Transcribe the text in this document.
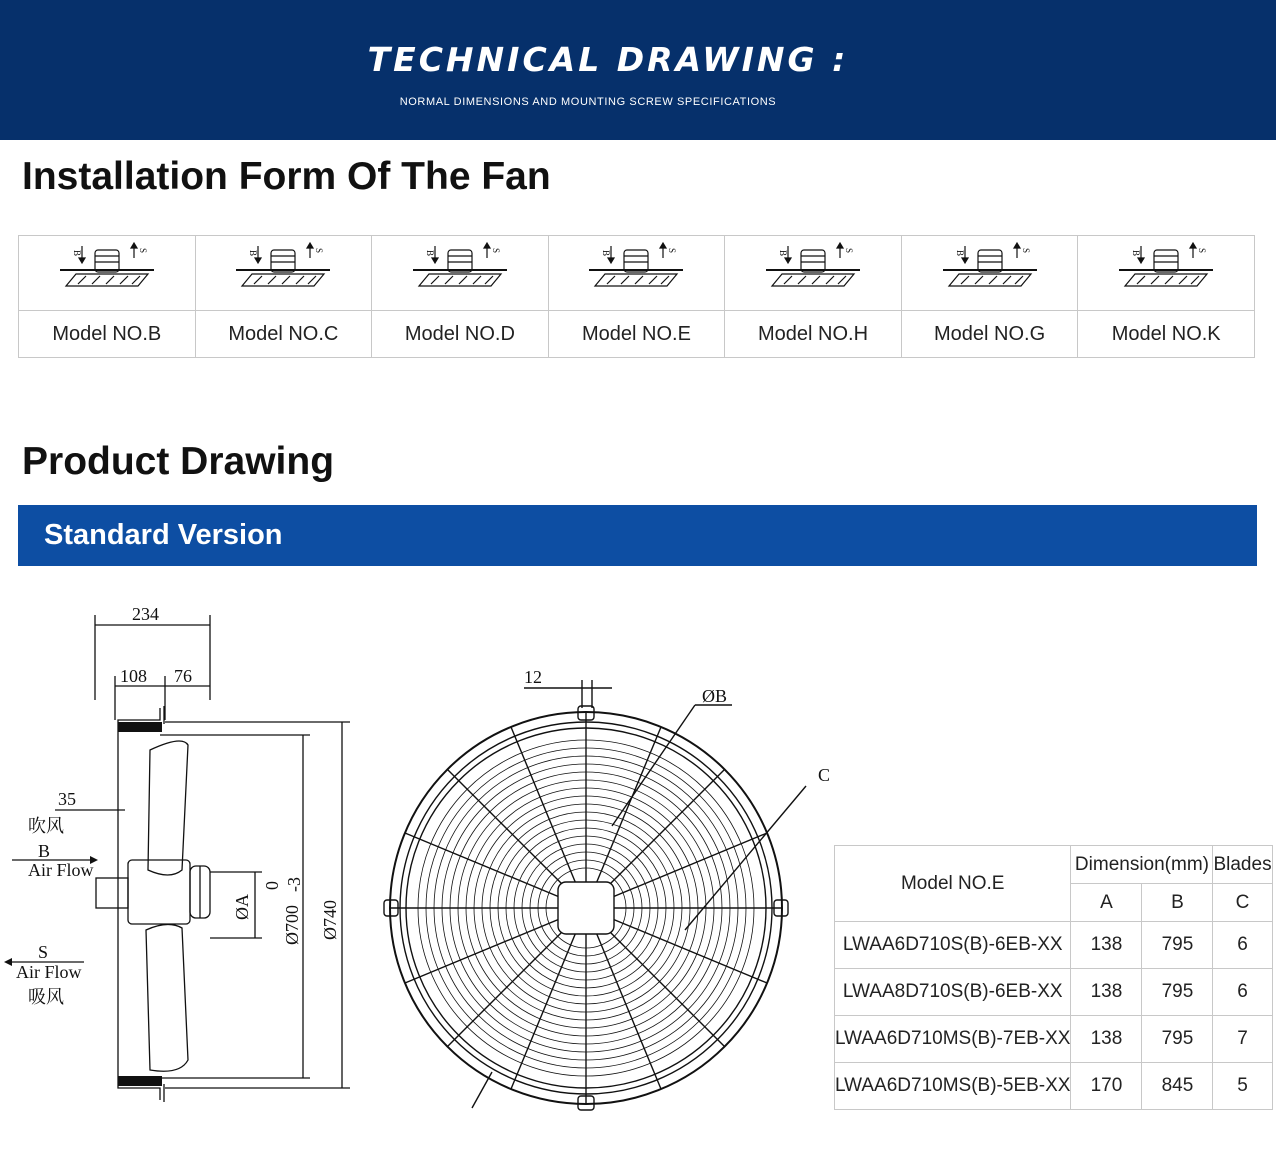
TECHNICAL DRAWING :
NORMAL DIMENSIONS AND MOUNTING SCREW SPECIFICATIONS
Installation Form Of The Fan
B S	B S	B S	B S	B S	B S	B S

Model NO.B	Model NO.C	Model NO.D	Model NO.E	Model NO.H	Model NO.G	Model NO.K
Product Drawing
Standard Version
234
108 76
35
吹风
B
Air Flow
S
Air Flow
吸风
ØA
0 -3
Ø700 Ø740
12
ØB
C
Model NO.E	Dimension(mm)		Blades
	A	B	C
LWAA6D710S(B)-6EB-XX	138	795	6
LWAA8D710S(B)-6EB-XX	138	795	6
LWAA6D710MS(B)-7EB-XX	138	795	7
LWAA6D710MS(B)-5EB-XX	170	845	5
